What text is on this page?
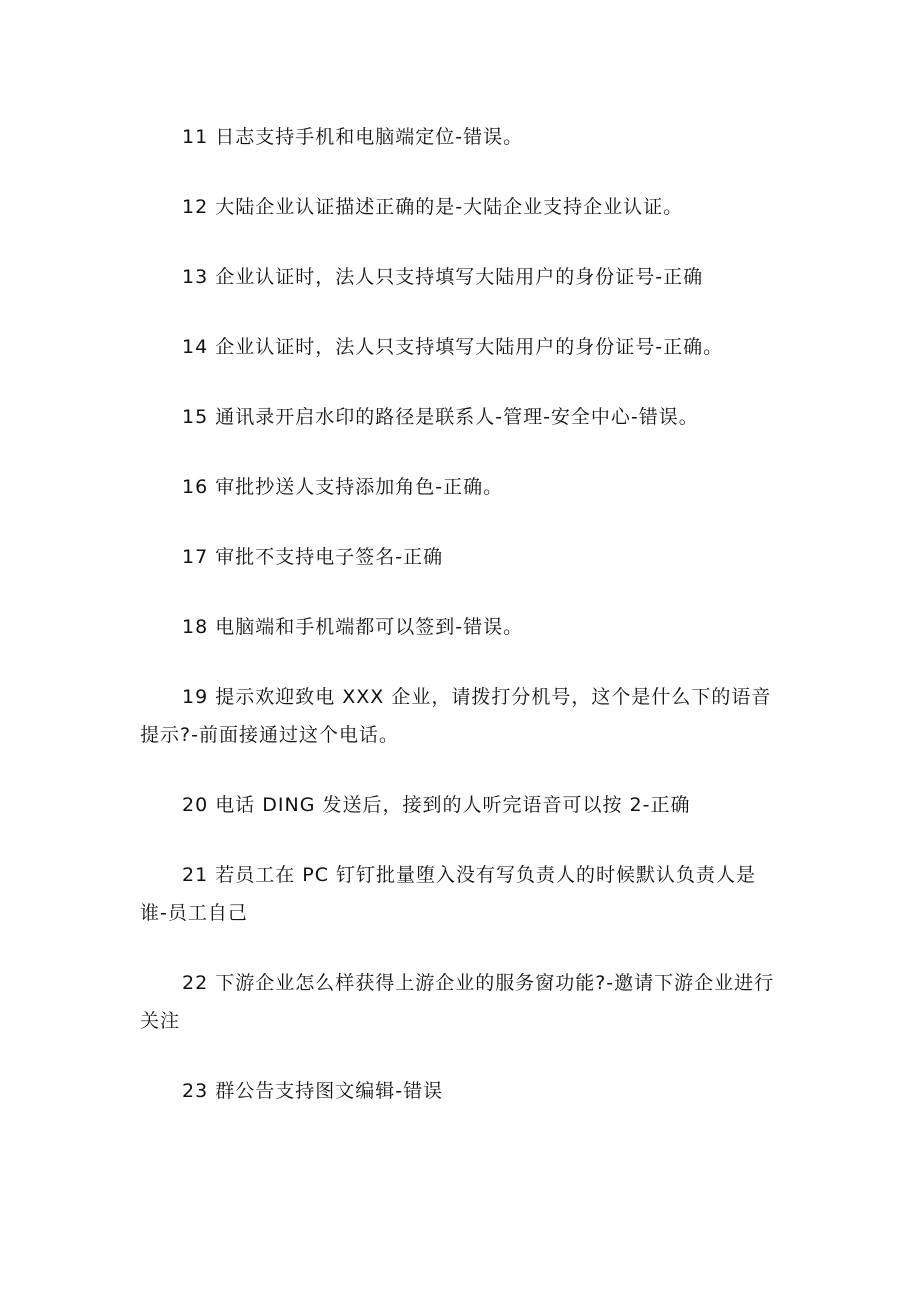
11 日志支持手机和电脑端定位-错误。

12 大陆企业认证描述正确的是-大陆企业支持企业认证。

13 企业认证时，法人只支持填写大陆用户的身份证号-正确

14 企业认证时，法人只支持填写大陆用户的身份证号-正确。

15 通讯录开启水印的路径是联系人-管理-安全中心-错误。

16 审批抄送人支持添加角色-正确。

17 审批不支持电子签名-正确

18 电脑端和手机端都可以签到-错误。

19 提示欢迎致电 XXX 企业，请拨打分机号，这个是什么下的语音提示?-前面接通过这个电话。

20 电话 DING 发送后，接到的人听完语音可以按 2-正确

21 若员工在 PC 钉钉批量堕入没有写负责人的时候默认负责人是谁-员工自己

22 下游企业怎么样获得上游企业的服务窗功能?-邀请下游企业进行关注

23 群公告支持图文编辑-错误
